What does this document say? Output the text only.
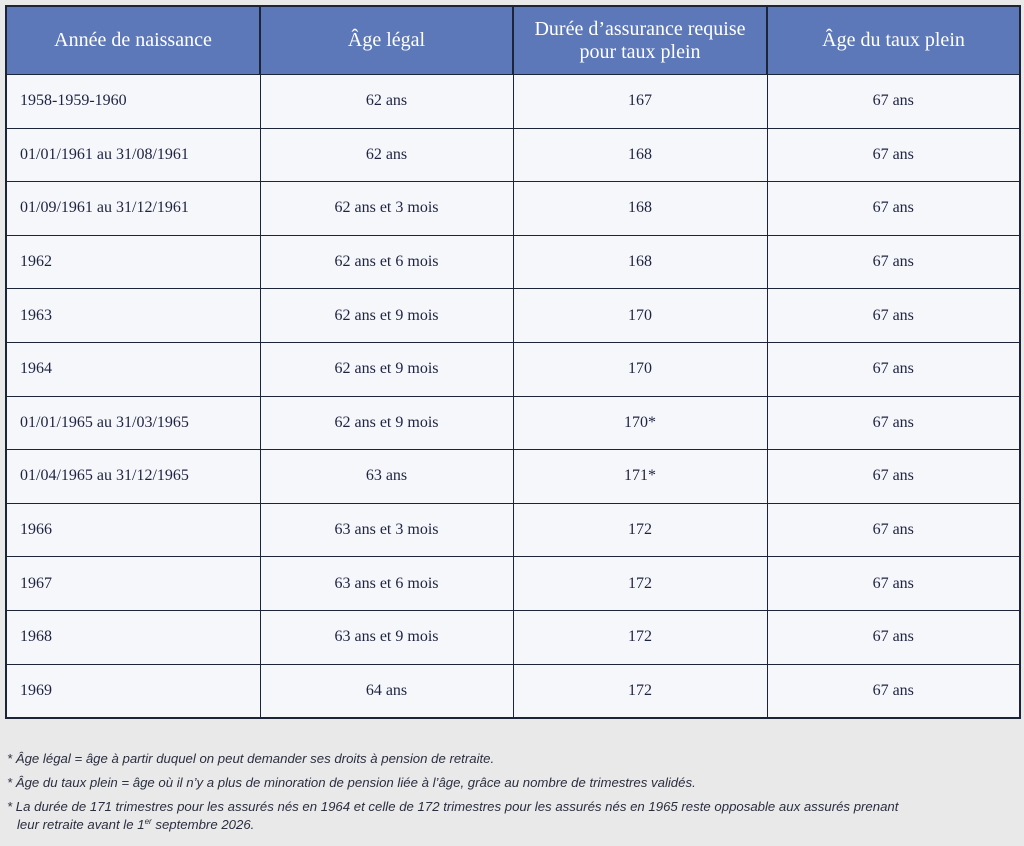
Année de naissance	Âge légal	Durée d’assurance requise pour taux plein	Âge du taux plein
1958-1959-1960	62 ans	167	67 ans
01/01/1961 au 31/08/1961	62 ans	168	67 ans
01/09/1961 au 31/12/1961	62 ans et 3 mois	168	67 ans
1962	62 ans et 6 mois	168	67 ans
1963	62 ans et 9 mois	170	67 ans
1964	62 ans et 9 mois	170	67 ans
01/01/1965 au 31/03/1965	62 ans et 9 mois	170*	67 ans
01/04/1965 au 31/12/1965	63 ans	171*	67 ans
1966	63 ans et 3 mois	172	67 ans
1967	63 ans et 6 mois	172	67 ans
1968	63 ans et 9 mois	172	67 ans
1969	64 ans	172	67 ans

* Âge légal = âge à partir duquel on peut demander ses droits à pension de retraite.

* Âge du taux plein = âge où il n’y a plus de minoration de pension liée à l’âge, grâce au nombre de trimestres validés.

* La durée de 171 trimestres pour les assurés nés en 1964 et celle de 172 trimestres pour les assurés nés en 1965 reste opposable aux assurés prenant
leur retraite avant le 1er septembre 2026.
